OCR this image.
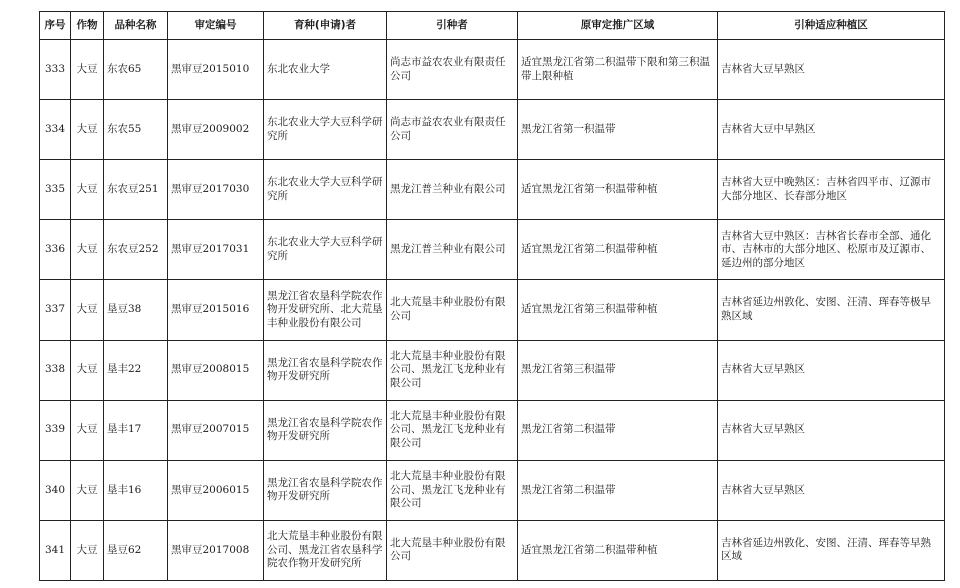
序号	作物	品种名称	审定编号	育种(申请)者	引种者	原审定推广区域	引种适应种植区
333	大豆	东农65	黑审豆2015010	东北农业大学	尚志市益农农业有限责任公司	适宜黑龙江省第二积温带下限和第三积温带上限种植	吉林省大豆早熟区
334	大豆	东农55	黑审豆2009002	东北农业大学大豆科学研究所	尚志市益农农业有限责任公司	黑龙江省第一积温带	吉林省大豆中早熟区
335	大豆	东农豆251	黑审豆2017030	东北农业大学大豆科学研究所	黑龙江普兰种业有限公司	适宜黑龙江省第一积温带种植	吉林省大豆中晚熟区：吉林省四平市、辽源市大部分地区、长春部分地区
336	大豆	东农豆252	黑审豆2017031	东北农业大学大豆科学研究所	黑龙江普兰种业有限公司	适宜黑龙江省第二积温带种植	吉林省大豆中熟区：吉林省长春市全部、通化市、吉林市的大部分地区、松原市及辽源市、延边州的部分地区
337	大豆	垦豆38	黑审豆2015016	黑龙江省农垦科学院农作物开发研究所、北大荒垦丰种业股份有限公司	北大荒垦丰种业股份有限公司	适宜黑龙江省第三积温带种植	吉林省延边州敦化、安图、汪清、珲春等极早熟区域
338	大豆	垦丰22	黑审豆2008015	黑龙江省农垦科学院农作物开发研究所	北大荒垦丰种业股份有限公司、黑龙江飞龙种业有限公司	黑龙江省第三积温带	吉林省大豆早熟区
339	大豆	垦丰17	黑审豆2007015	黑龙江省农垦科学院农作物开发研究所	北大荒垦丰种业股份有限公司、黑龙江飞龙种业有限公司	黑龙江省第二积温带	吉林省大豆早熟区
340	大豆	垦丰16	黑审豆2006015	黑龙江省农垦科学院农作物开发研究所	北大荒垦丰种业股份有限公司、黑龙江飞龙种业有限公司	黑龙江省第二积温带	吉林省大豆早熟区
341	大豆	垦豆62	黑审豆2017008	北大荒垦丰种业股份有限公司、黑龙江省农垦科学院农作物开发研究所	北大荒垦丰种业股份有限公司	适宜黑龙江省第二积温带种植	吉林省延边州敦化、安图、汪清、珲春等早熟区域
